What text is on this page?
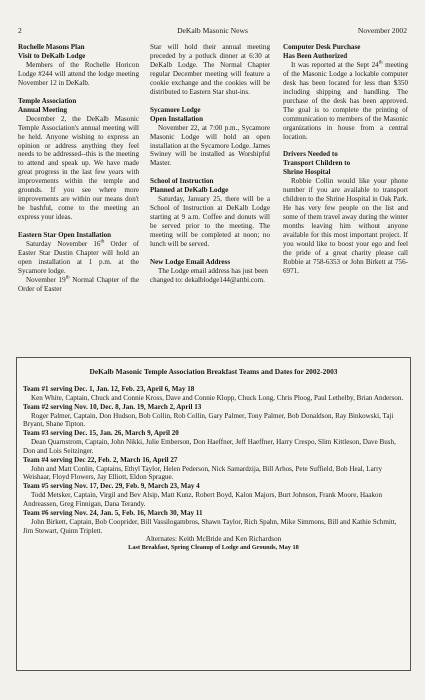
2	DeKalb Masonic News	November 2002

Rochelle Masons Plan

Visit to DeKalb Lodge

Members of the Rochelle Horicon Lodge #244 will attend the lodge meeting November 12 in DeKalb.

Temple Association

Annual Meeting

December 2, the DeKalb Masonic Temple Association's annual meeting will be held. Anyone wishing to express an opinion or address anything they feel needs to be addressed--this is the meeting to attend and speak up. We have made great progress in the last few years with improvements within the temple and grounds. If you see where more improvements are within our means don't be bashful, come to the meeting an express your ideas.

Eastern Star Open Installation

Saturday November 16th Order of Easter Star Dustin Chapter will hold an open installation at 1 p.m. at the Sycamore lodge.

November 19th Normal Chapter of the Order of Easter

Star will hold their annual meeting preceded by a potluck dinner at 6:30 at DeKalb Lodge. The Normal Chapter regular December meeting will feature a cookie exchange and the cookies will be distributed to Eastern Star shut-ins.

Sycamore Lodge

Open Installation

November 22, at 7:00 p.m., Sycamore Masonic Lodge will hold an open installation at the Sycamore Lodge. James Swiney will be installed as Worshipful Master.

School of Instruction

Planned at DeKalb Lodge

Saturday, January 25, there will be a School of Instruction at DeKalb Lodge starting at 9 a.m. Coffee and donuts will be served prior to the meeting. The meeting will be completed at noon; no lunch will be served.

New Lodge Email Address

The Lodge email address has just been changed to: dekalblodge144@attbi.com.

Computer Desk Purchase

Has Been Authorized

It was reported at the Sept 24th meeting of the Masonic Lodge a lockable computer desk has been located for less than $350 including shipping and handling. The purchase of the desk has been approved. The goal is to complete the printing of communication to members of the Masonic organizations in house from a central location.

Drivers Needed to

Transport Children to

Shrine Hospital

Robbie Collin would like your phone number if you are available to transport children to the Shrine Hospital in Oak Park. He has very few people on the list and some of them travel away during the winter months leaving him without anyone available for this most important project. If you would like to boost your ego and feel the pride of a great charity please call Robbie at 758-6353 or John Birkett at 756-6971.

DeKalb Masonic Temple Association Breakfast Teams and Dates for 2002-2003
Team #1 serving Dec. 1, Jan. 12, Feb. 23, April 6, May 18
Ken White, Captain, Chuck and Connie Kross, Dave and Connie Klopp, Chuck Long, Chris Ploog, Paul Lethelby, Brian Anderson.
Team #2 serving Nov. 10, Dec. 8, Jan. 19, March 2, April 13
Roger Palmer, Captain, Don Hudson, Bob Collin, Rob Collin, Gary Palmer, Tony Palmer, Bob Donaldson, Ray Binkowski, Taji Bryant, Shane Tipton.
Team #3 serving Dec. 15, Jan. 26, March 9, April 20
Dean Quarnstrom, Captain, John Nikki, Julie Emberson, Don Haeffner, Jeff Haeffner, Harry Crespo, Slim Kittleson, Dave Bush, Don and Lois Seitzinger.
Team #4 serving Dec 22, Feb. 2, March 16, April 27
John and Matt Conlin, Captains, Ethyl Taylor, Helen Pederson, Nick Samardzija, Bill Arhos, Pete Suffield, Bob Heal, Larry Weishaar, Floyd Flowers, Jay Elliott, Eldon Sprague.
Team #5 serving Nov. 17, Dec. 29, Feb. 9, March 23, May 4
Todd Metsker, Captain, Virgil and Bev Alsip, Matt Kunz, Robert Boyd, Kalon Majors, Burt Johnson, Frank Moore, Haakon Andreassen, Greg Finnigan, Dana Terandy.
Team #6 serving Nov. 24, Jan. 5, Feb. 16, March 30, May 11
John Birkett, Captain, Bob Cooprider, Bill Vassilogambros, Shawn Taylor, Rich Spahn, Mike Simmons, Bill and Kathie Schmitt, Jim Stewart, Quinn Triplett.
Alternates: Keith McBride and Ken Richardson
Last Breakfast, Spring Cleanup of Lodge and Grounds, May 18
